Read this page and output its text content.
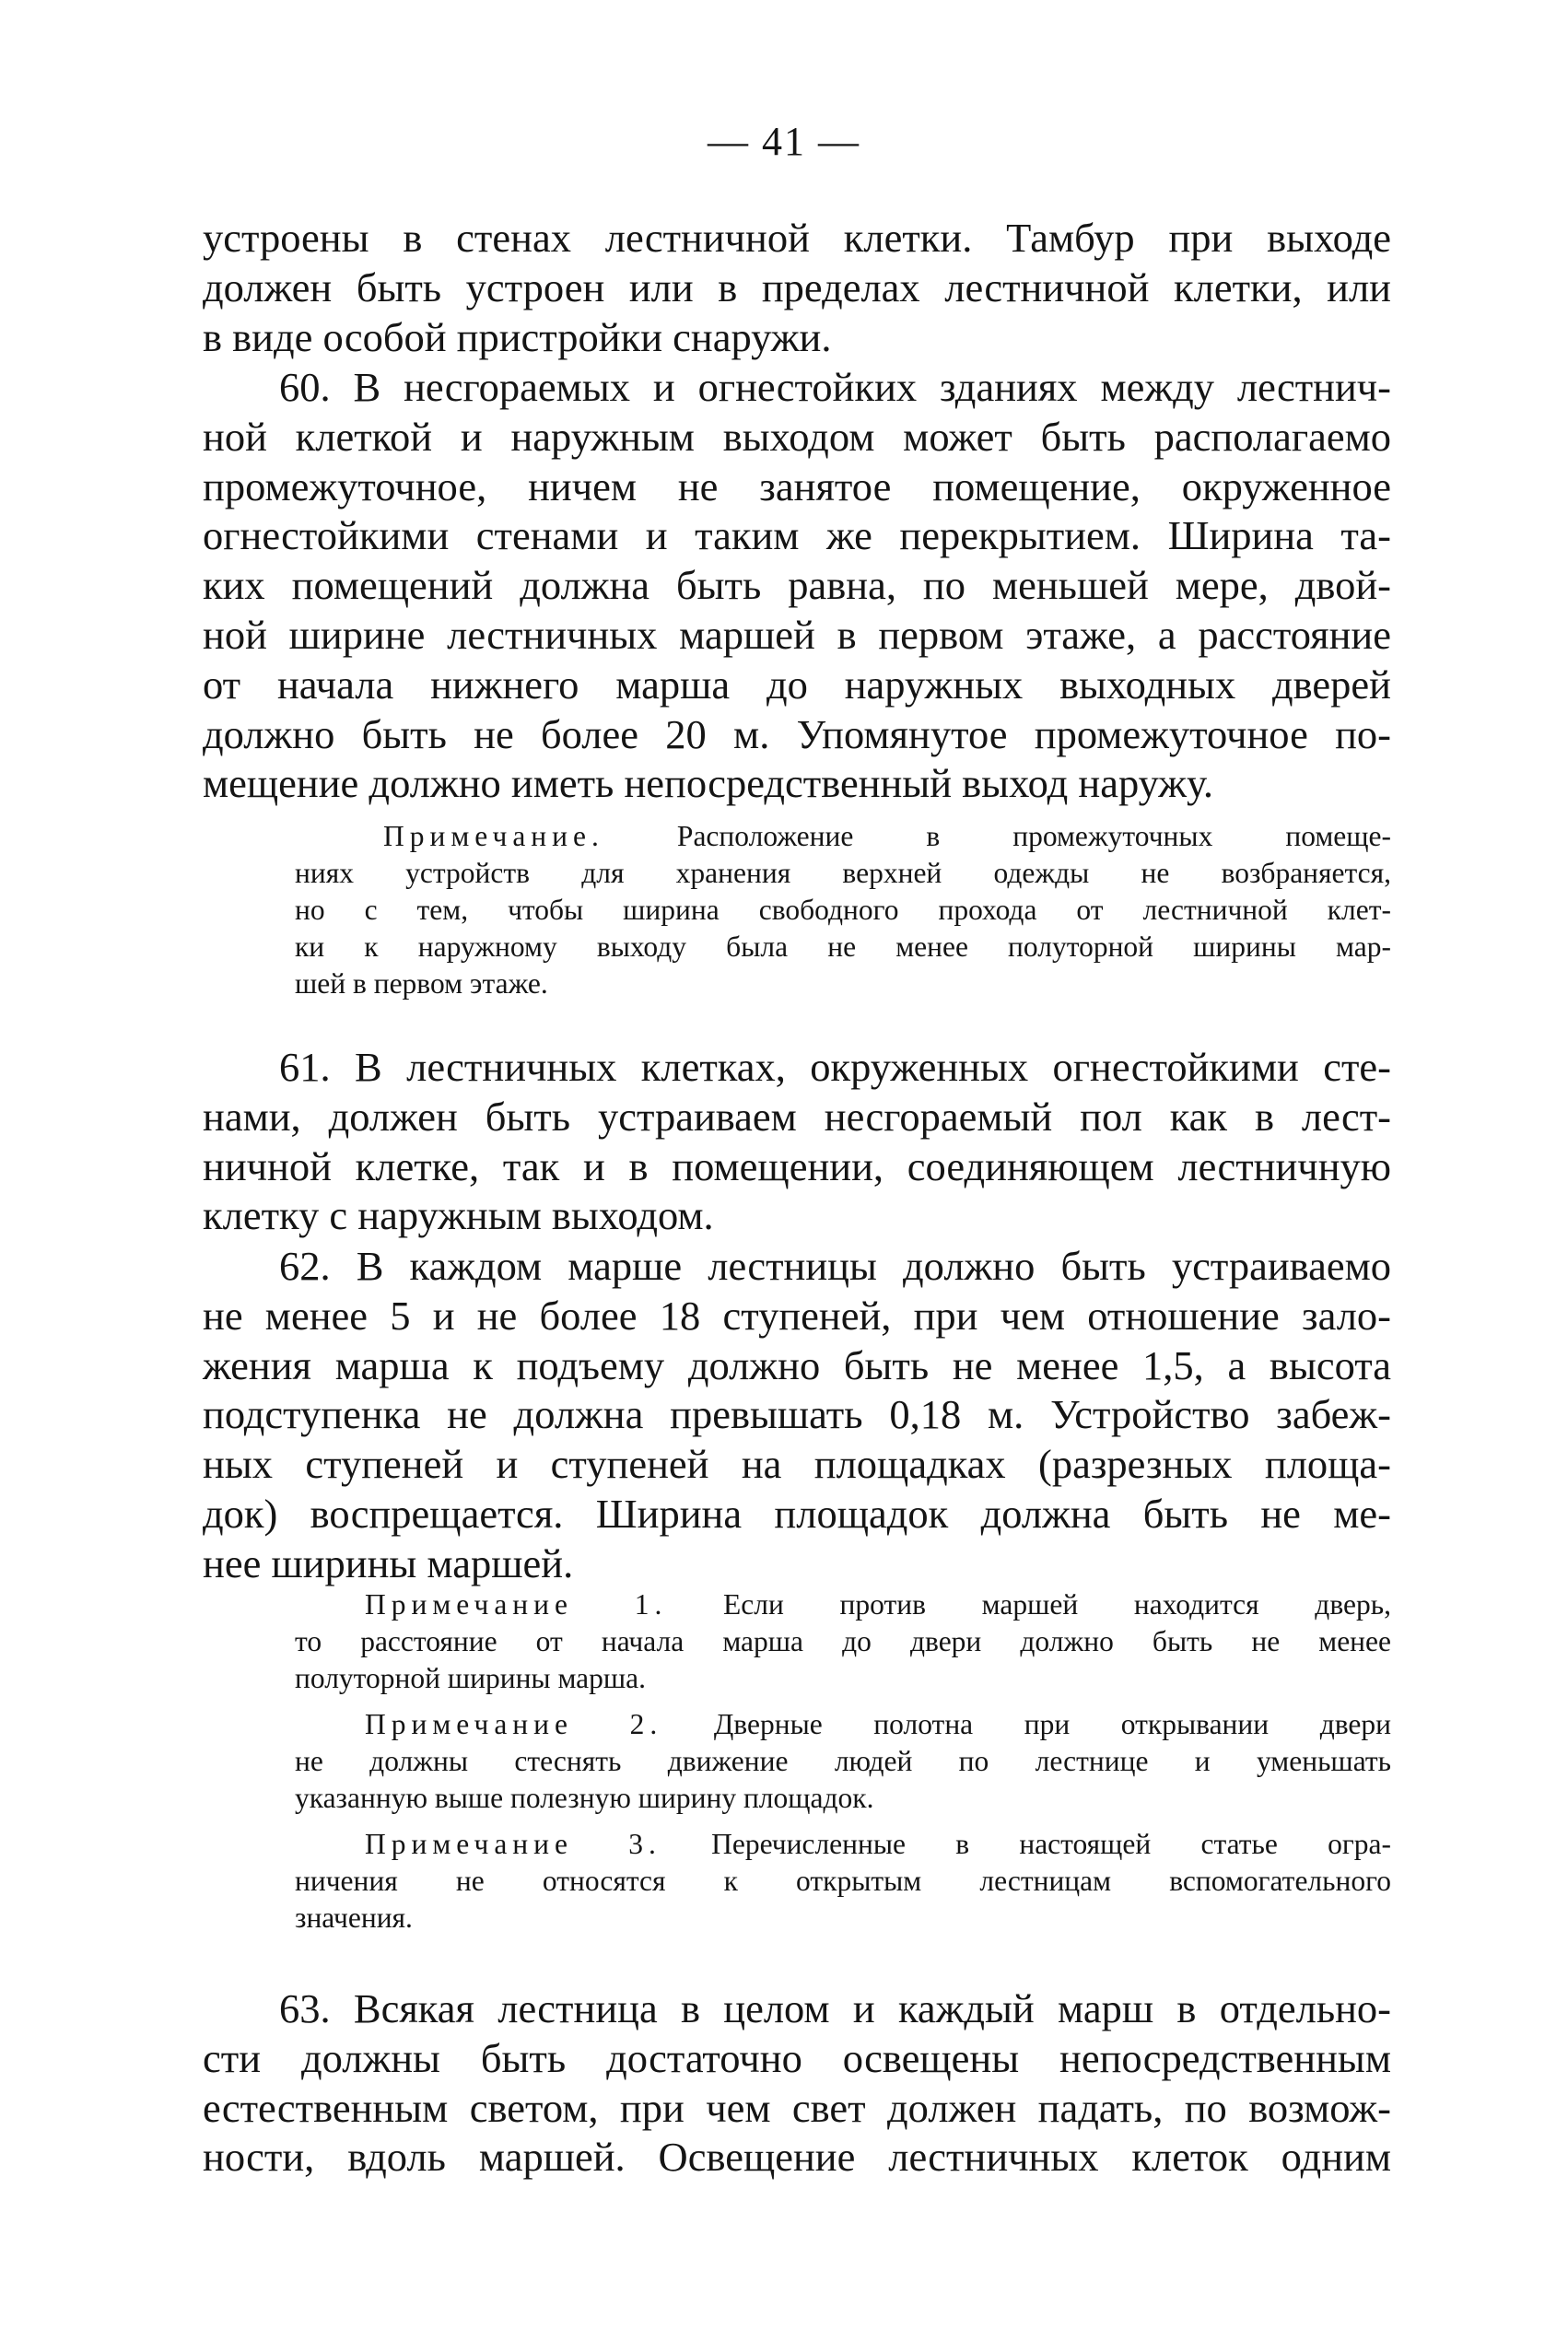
— 41 —
устроены в стенах лестничной клетки. Тамбур при выходе
должен быть устроен или в пределах лестничной клетки, или
в виде особой пристройки снаружи.
60. В несгораемых и огнестойких зданиях между лестнич-
ной клеткой и наружным выходом может быть располагаемо
промежуточное, ничем не занятое помещение, окруженное
огнестойкими стенами и таким же перекрытием. Ширина та-
ких помещений должна быть равна, по меньшей мере, двой-
ной ширине лестничных маршей в первом этаже, а расстояние
от начала нижнего марша до наружных выходных дверей
должно быть не более 20 м. Упомянутое промежуточное по-
мещение должно иметь непосредственный выход наружу.
Примечание.	Расположение в промежуточных помеще-
ниях устройств для хранения верхней одежды не возбраняется,
но с тем, чтобы ширина свободного прохода от лестничной клет-
ки к наружному выходу была не менее полуторной ширины мар-
шей в первом этаже.
61. В лестничных клетках, окруженных огнестойкими сте-
нами, должен быть устраиваем несгораемый пол как в лест-
ничной клетке, так и в помещении, соединяющем лестничную
клетку с наружным выходом.
62. В каждом марше лестницы должно быть устраиваемо
не менее 5 и не более 18 ступеней, при чем отношение зало-
жения марша к подъему должно быть не менее 1,5, а высота
подступенка не должна превышать 0,18 м. Устройство забеж-
ных ступеней и ступеней на площадках (разрезных площа-
док) воспрещается. Ширина площадок должна быть не ме-
нее ширины маршей.
Примечание 1. Если против маршей находится дверь,
то расстояние от начала марша до двери должно быть не менее
полуторной ширины марша.
Примечание 2. Дверные полотна при открывании двери
не должны стеснять движение людей по лестнице и уменьшать
указанную выше полезную ширину площадок.
Примечание 3. Перечисленные в настоящей статье огра-
ничения не относятся к открытым лестницам вспомогательного
значения.
63. Всякая лестница в целом и каждый марш в отдельно-
сти должны быть достаточно освещены непосредственным
естественным светом, при чем свет должен падать, по возмож-
ности, вдоль маршей. Освещение лестничных клеток одним
